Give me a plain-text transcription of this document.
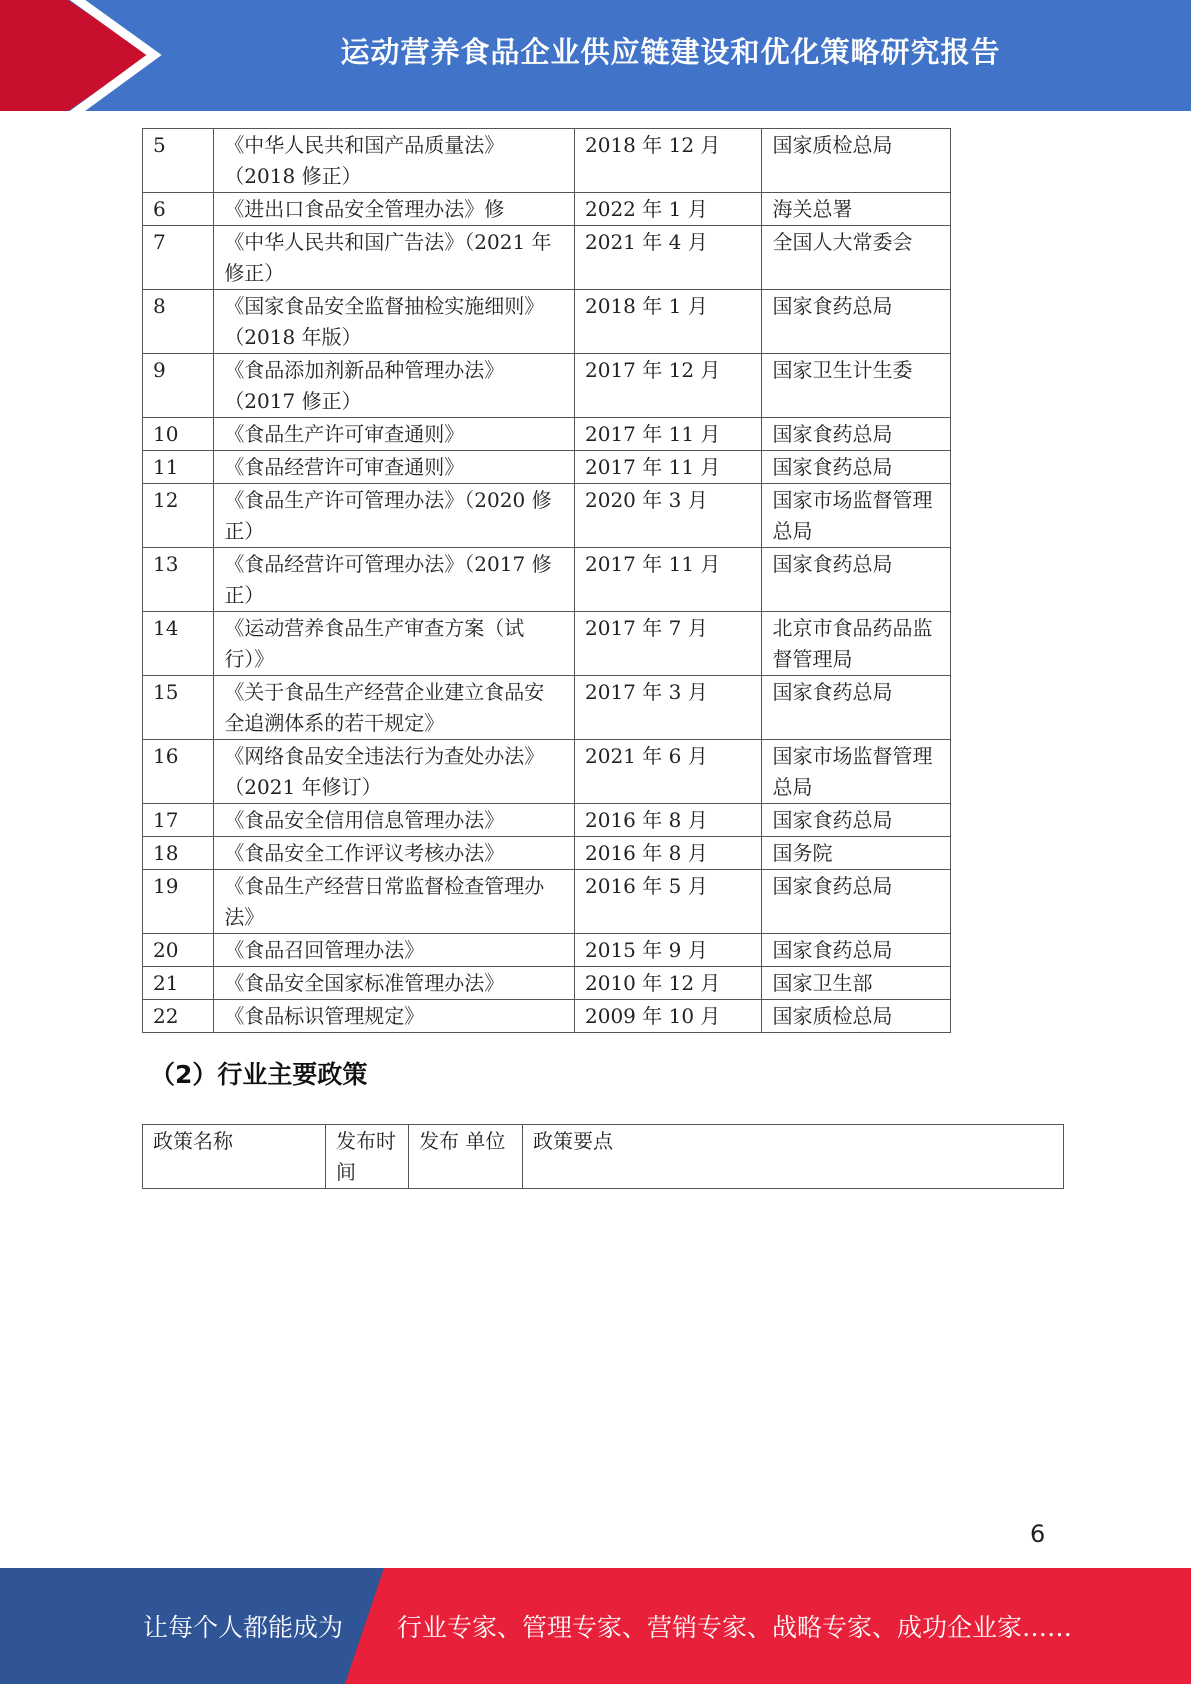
运动营养食品企业供应链建设和优化策略研究报告
5	《中华人民共和国产品质量法》（2018 修正）	2018 年 12 月	国家质检总局
6	《进出口食品安全管理办法》修	2022 年 1 月	海关总署
7	《中华人民共和国广告法》（2021 年修正）	2021 年 4 月	全国人大常委会
8	《国家食品安全监督抽检实施细则》 （2018 年版）	2018 年 1 月	国家食药总局
9	《食品添加剂新品种管理办法》（2017 修正）	2017 年 12 月	国家卫生计生委
10	《食品生产许可审查通则》	2017 年 11 月	国家食药总局
11	《食品经营许可审查通则》	2017 年 11 月	国家食药总局
12	《食品生产许可管理办法》（2020 修正）	2020 年 3 月	国家市场监督管理总局
13	《食品经营许可管理办法》（2017 修正）	2017 年 11 月	国家食药总局
14	《运动营养食品生产审查方案（试行）》	2017 年 7 月	北京市食品药品监督管理局
15	《关于食品生产经营企业建立食品安全追溯体系的若干规定》	2017 年 3 月	国家食药总局
16	《网络食品安全违法行为查处办法》 （2021 年修订）	2021 年 6 月	国家市场监督管理总局
17	《食品安全信用信息管理办法》	2016 年 8 月	国家食药总局
18	《食品安全工作评议考核办法》	2016 年 8 月	国务院
19	《食品生产经营日常监督检查管理办法》	2016 年 5 月	国家食药总局
20	《食品召回管理办法》	2015 年 9 月	国家食药总局
21	《食品安全国家标准管理办法》	2010 年 12 月	国家卫生部
22	《食品标识管理规定》	2009 年 10 月	国家质检总局
（2）行业主要政策
政策名称	发布时间	发布 单位	政策要点
6
让每个人都能成为 行业专家、管理专家、营销专家、战略专家、成功企业家……
